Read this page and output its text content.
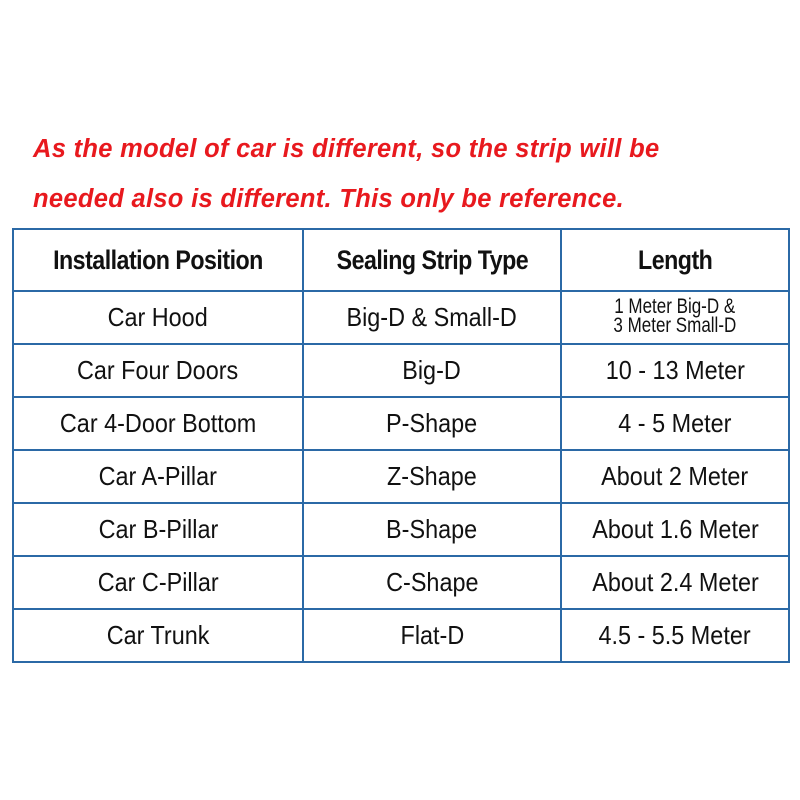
As the model of car is different, so the strip will be
needed also is different. This only be reference.
Installation Position	Sealing Strip Type	Length
Car Hood	Big-D & Small-D	1 Meter Big-D &
3 Meter Small-D
Car Four Doors	Big-D	10 - 13 Meter
Car 4-Door Bottom	P-Shape	4 - 5 Meter
Car A-Pillar	Z-Shape	About 2 Meter
Car B-Pillar	B-Shape	About 1.6 Meter
Car C-Pillar	C-Shape	About 2.4 Meter
Car Trunk	Flat-D	4.5 - 5.5 Meter
